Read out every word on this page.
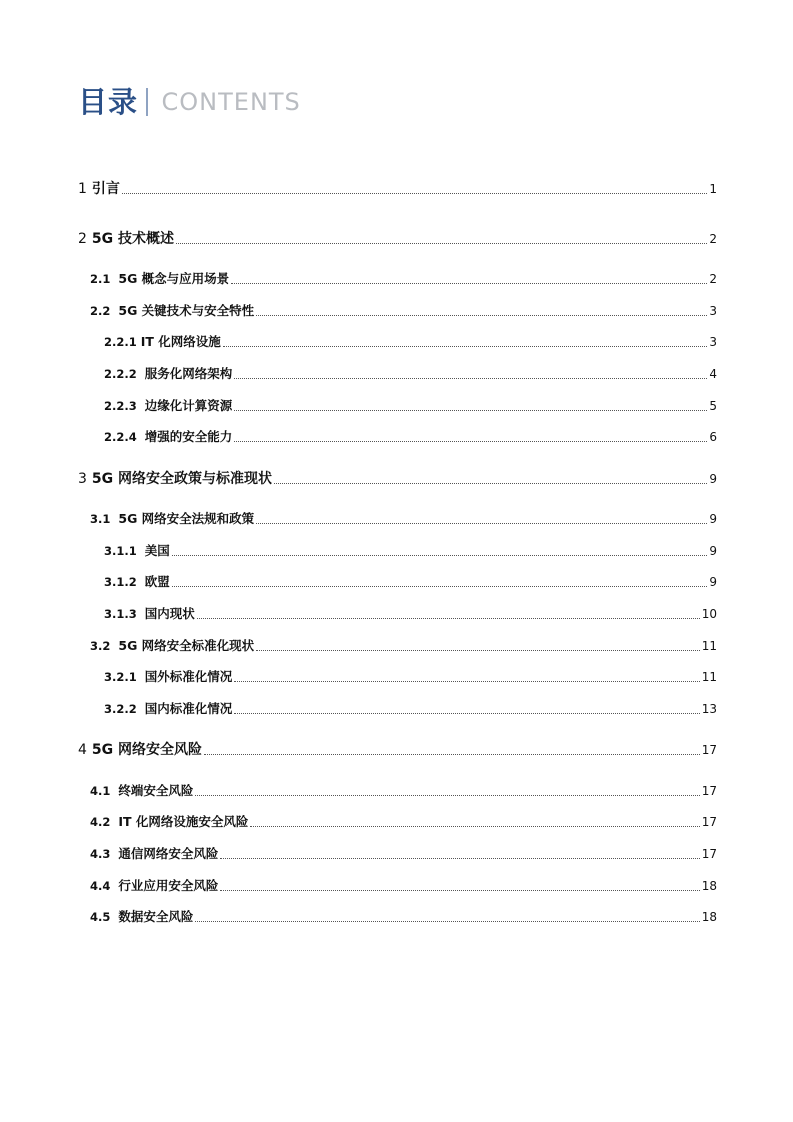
目录 CONTENTS
1 引言	1
2 5G 技术概述	2
2.1 5G 概念与应用场景	2
2.2 5G 关键技术与安全特性	3
2.2.1 IT 化网络设施	3
2.2.2 服务化网络架构	4
2.2.3 边缘化计算资源	5
2.2.4 增强的安全能力	6
3 5G 网络安全政策与标准现状	9
3.1 5G 网络安全法规和政策	9
3.1.1 美国	9
3.1.2 欧盟	9
3.1.3 国内现状	10
3.2 5G 网络安全标准化现状	11
3.2.1 国外标准化情况	11
3.2.2 国内标准化情况	13
4 5G 网络安全风险	17
4.1 终端安全风险	17
4.2 IT 化网络设施安全风险	17
4.3 通信网络安全风险	17
4.4 行业应用安全风险	18
4.5 数据安全风险	18
